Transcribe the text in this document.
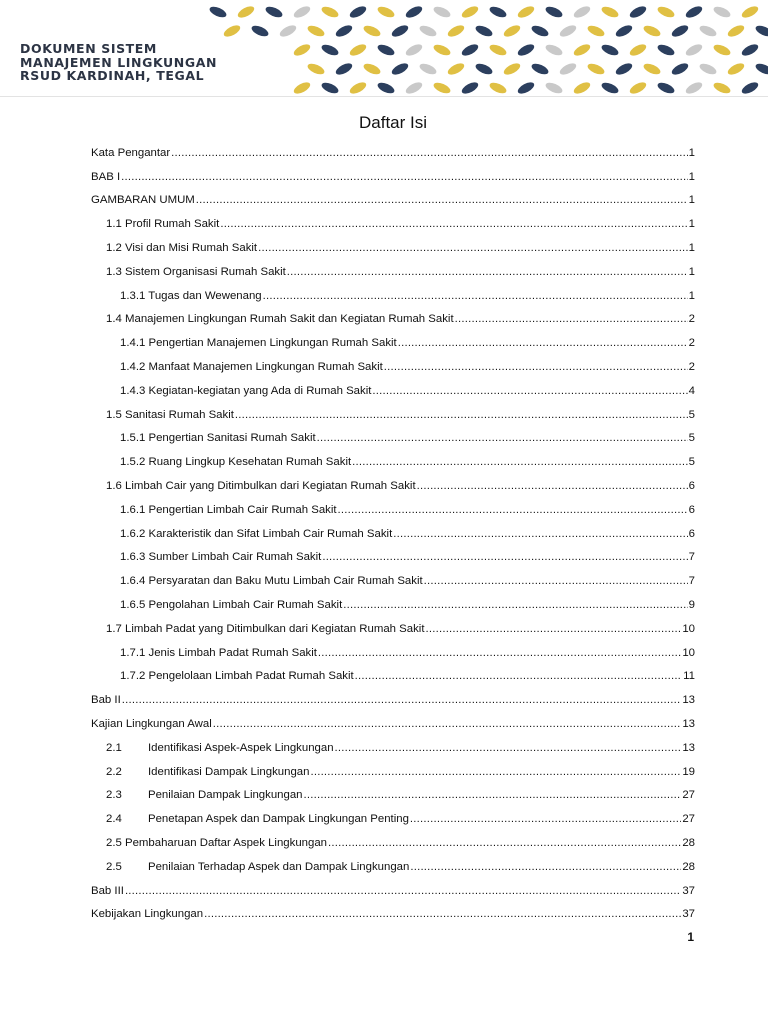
DOKUMEN SISTEM
MANAJEMEN LINGKUNGAN
RSUD KARDINAH, TEGAL
Daftar Isi
Kata Pengantar .....	1
BAB I .....	1
GAMBARAN UMUM .....	1
1.1 Profil Rumah Sakit .....	1
1.2 Visi dan Misi Rumah Sakit .....	1
1.3 Sistem Organisasi Rumah Sakit .....	1
1.3.1 Tugas dan Wewenang .....	1
1.4 Manajemen Lingkungan Rumah Sakit dan Kegiatan Rumah Sakit .....	2
1.4.1 Pengertian Manajemen Lingkungan Rumah Sakit .....	2
1.4.2 Manfaat Manajemen Lingkungan Rumah Sakit .....	2
1.4.3 Kegiatan-kegiatan yang Ada di Rumah Sakit .....	4
1.5 Sanitasi Rumah Sakit .....	5
1.5.1 Pengertian Sanitasi Rumah Sakit .....	5
1.5.2 Ruang Lingkup Kesehatan Rumah Sakit .....	5
1.6 Limbah Cair yang Ditimbulkan dari Kegiatan Rumah Sakit .....	6
1.6.1 Pengertian Limbah Cair Rumah Sakit .....	6
1.6.2 Karakteristik dan Sifat Limbah Cair Rumah Sakit .....	6
1.6.3 Sumber Limbah Cair Rumah Sakit .....	7
1.6.4 Persyaratan dan Baku Mutu Limbah Cair Rumah Sakit .....	7
1.6.5 Pengolahan Limbah Cair Rumah Sakit .....	9
1.7 Limbah Padat yang Ditimbulkan dari Kegiatan Rumah Sakit .....	10
1.7.1 Jenis Limbah Padat Rumah Sakit .....	10
1.7.2 Pengelolaan Limbah Padat Rumah Sakit .....	11
Bab II .....	13
Kajian Lingkungan Awal .....	13
2.1 Identifikasi Aspek-Aspek Lingkungan .....	13
2.2 Identifikasi Dampak Lingkungan .....	19
2.3 Penilaian Dampak Lingkungan .....	27
2.4 Penetapan Aspek dan Dampak Lingkungan Penting .....	27
2.5 Pembaharuan Daftar Aspek Lingkungan .....	28
2.5 Penilaian Terhadap Aspek dan Dampak Lingkungan .....	28
Bab III .....	37
Kebijakan Lingkungan .....	37
1
